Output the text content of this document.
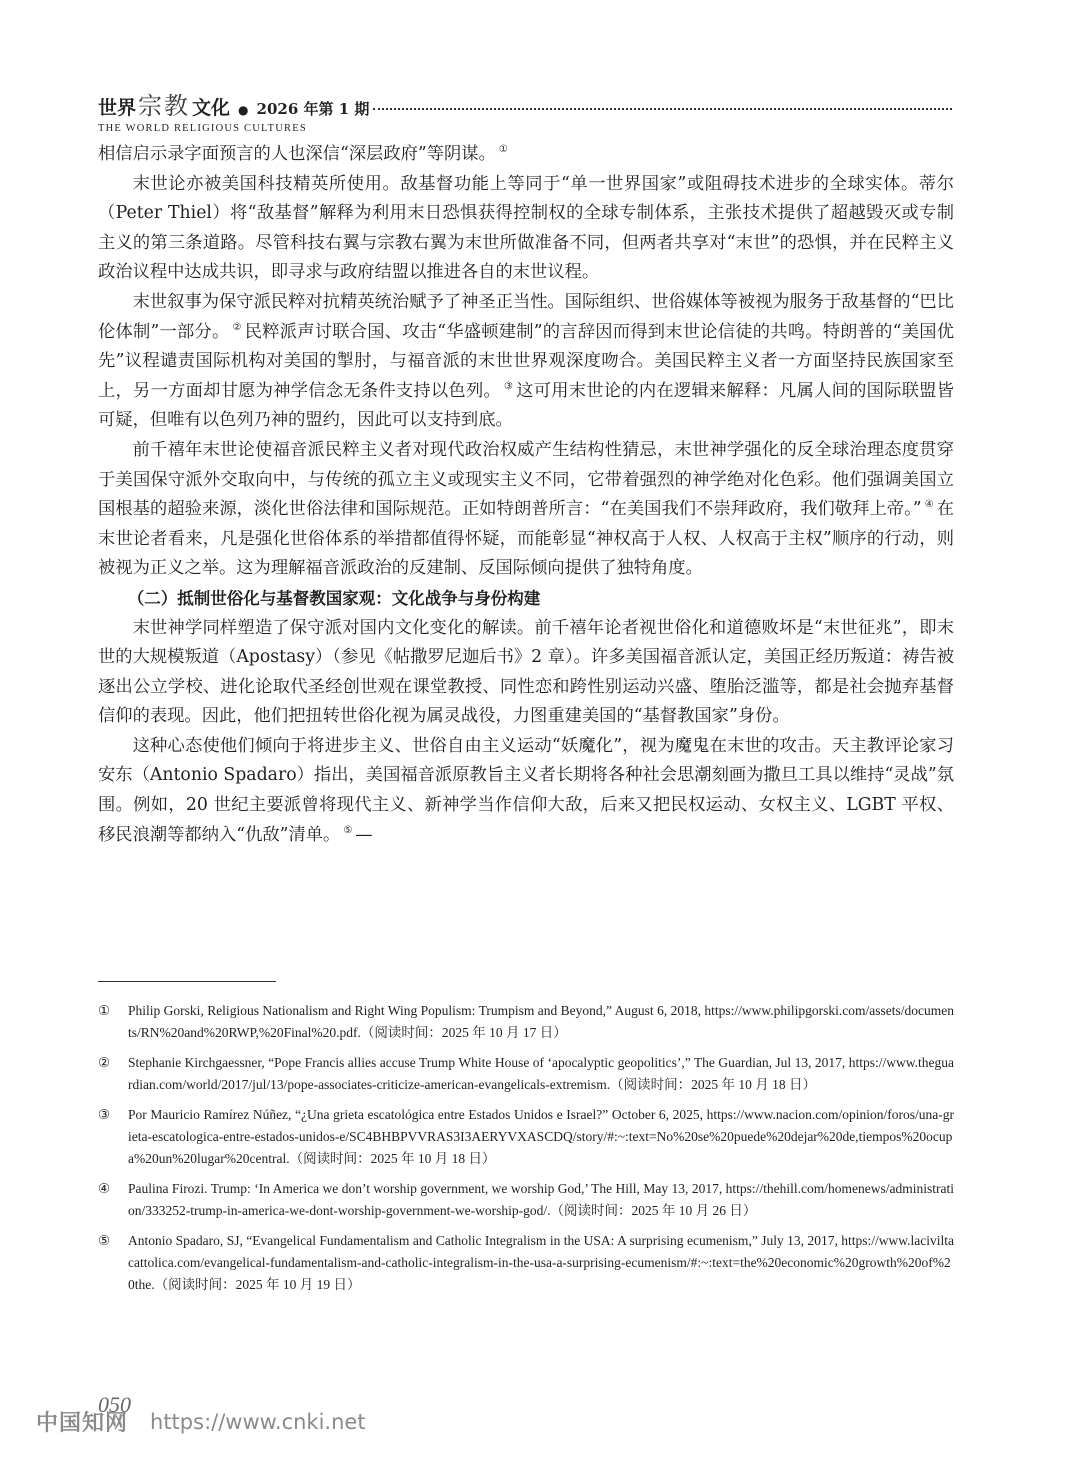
世界 宗教 文化 ● 2026 年第 1 期
THE WORLD RELIGIOUS CULTURES

相信启示录字面预言的人也深信“深层政府”等阴谋。 ①

末世论亦被美国科技精英所使用。敌基督功能上等同于“单一世界国家”或阻碍技术进步的全球实体。蒂尔（Peter Thiel）将“敌基督”解释为利用末日恐惧获得控制权的全球专制体系，主张技术提供了超越毁灭或专制主义的第三条道路。尽管科技右翼与宗教右翼为末世所做准备不同，但两者共享对“末世”的恐惧，并在民粹主义政治议程中达成共识，即寻求与政府结盟以推进各自的末世议程。

末世叙事为保守派民粹对抗精英统治赋予了神圣正当性。国际组织、世俗媒体等被视为服务于敌基督的“巴比伦体制”一部分。 ② 民粹派声讨联合国、攻击“华盛顿建制”的言辞因而得到末世论信徒的共鸣。特朗普的“美国优先”议程谴责国际机构对美国的掣肘，与福音派的末世世界观深度吻合。美国民粹主义者一方面坚持民族国家至上，另一方面却甘愿为神学信念无条件支持以色列。 ③ 这可用末世论的内在逻辑来解释：凡属人间的国际联盟皆可疑，但唯有以色列乃神的盟约，因此可以支持到底。

前千禧年末世论使福音派民粹主义者对现代政治权威产生结构性猜忌，末世神学强化的反全球治理态度贯穿于美国保守派外交取向中，与传统的孤立主义或现实主义不同，它带着强烈的神学绝对化色彩。他们强调美国立国根基的超验来源，淡化世俗法律和国际规范。正如特朗普所言：“在美国我们不崇拜政府，我们敬拜上帝。” ④ 在末世论者看来，凡是强化世俗体系的举措都值得怀疑，而能彰显“神权高于人权、人权高于主权”顺序的行动，则被视为正义之举。这为理解福音派政治的反建制、反国际倾向提供了独特角度。

（二）抵制世俗化与基督教国家观：文化战争与身份构建

末世神学同样塑造了保守派对国内文化变化的解读。前千禧年论者视世俗化和道德败坏是“末世征兆”，即末世的大规模叛道（Apostasy）（参见《帖撒罗尼迦后书》2 章）。许多美国福音派认定，美国正经历叛道：祷告被逐出公立学校、进化论取代圣经创世观在课堂教授、同性恋和跨性别运动兴盛、堕胎泛滥等，都是社会抛弃基督信仰的表现。因此，他们把扭转世俗化视为属灵战役，力图重建美国的“基督教国家”身份。

这种心态使他们倾向于将进步主义、世俗自由主义运动“妖魔化”，视为魔鬼在末世的攻击。天主教评论家习安东（Antonio Spadaro）指出，美国福音派原教旨主义者长期将各种社会思潮刻画为撒旦工具以维持“灵战”氛围。例如，20 世纪主要派曾将现代主义、新神学当作信仰大敌，后来又把民权运动、女权主义、LGBT 平权、移民浪潮等都纳入“仇敌”清单。 ⑤ —

①	Philip Gorski, Religious Nationalism and Right Wing Populism: Trumpism and Beyond,” August 6, 2018, https://www.philipgorski.com/assets/documents/RN%20and%20RWP,%20Final%20.pdf.（阅读时间：2025 年 10 月 17 日）
②	Stephanie Kirchgaessner, “Pope Francis allies accuse Trump White House of ‘apocalyptic geopolitics’,” The Guardian, Jul 13, 2017, https://www.theguardian.com/world/2017/jul/13/pope-associates-criticize-american-evangelicals-extremism.（阅读时间：2025 年 10 月 18 日）
③	Por Mauricio Ramírez Núñez, “¿Una grieta escatológica entre Estados Unidos e Israel?” October 6, 2025, https://www.nacion.com/opinion/foros/una-grieta-escatologica-entre-estados-unidos-e/SC4BHBPVVRAS3I3AERYVXASCDQ/story/#:~:text=No%20se%20puede%20dejar%20de,tiempos%20ocupa%20un%20lugar%20central.（阅读时间：2025 年 10 月 18 日）
④	Paulina Firozi. Trump: ‘In America we don’t worship government, we worship God,’ The Hill, May 13, 2017, https://thehill.com/homenews/administration/333252-trump-in-america-we-dont-worship-government-we-worship-god/.（阅读时间：2025 年 10 月 26 日）
⑤	Antonio Spadaro, SJ, “Evangelical Fundamentalism and Catholic Integralism in the USA: A surprising ecumenism,” July 13, 2017, https://www.laciviltacattolica.com/evangelical-fundamentalism-and-catholic-integralism-in-the-usa-a-surprising-ecumenism/#:~:text=the%20economic%20growth%20of%20the.（阅读时间：2025 年 10 月 19 日）
050
中国知网 https://www.cnki.net
